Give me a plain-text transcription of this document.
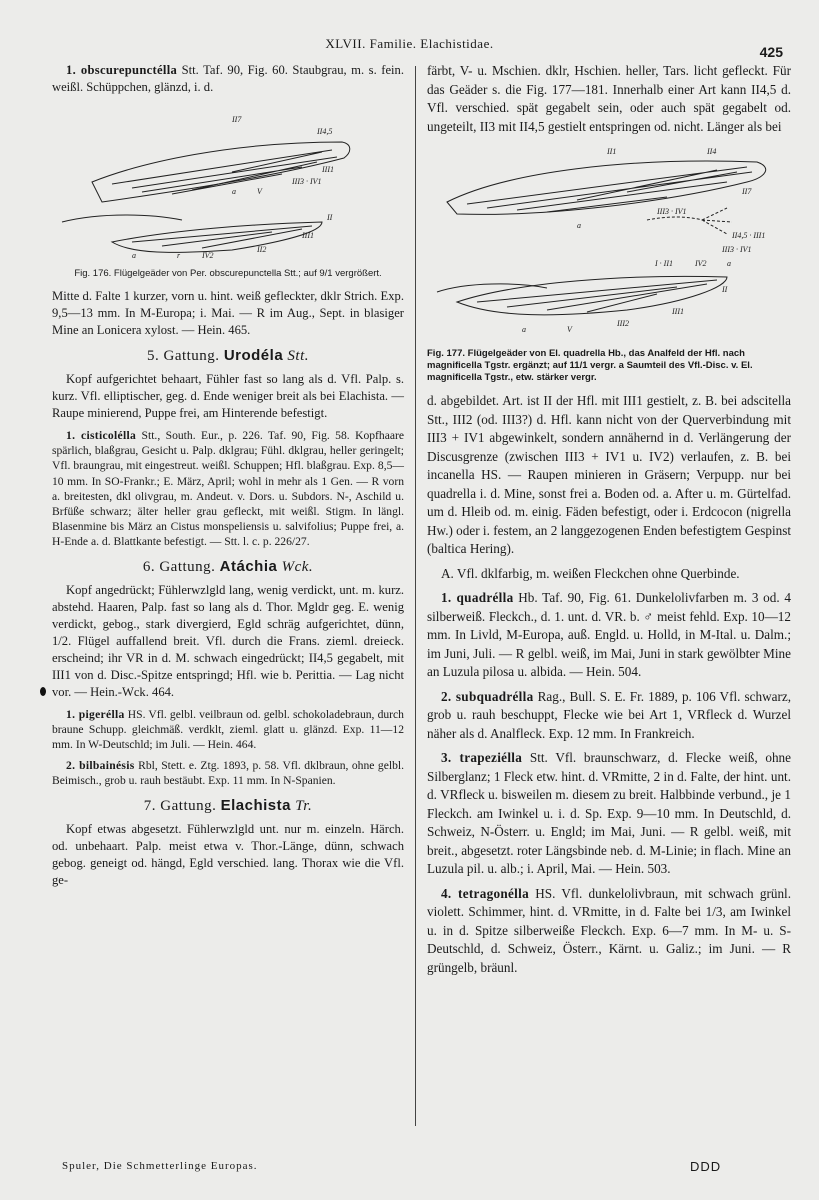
XLVII. Familie. Elachistidae.
425

1. obscurepunctélla Stt. Taf. 90, Fig. 60. Staubgrau, m. s. fein. weißl. Schüppchen, glänzd, i. d.

II7
II4,5
III1
III3 · IV1
a	V
II
III1
II2
IV2
r
a
Fig. 176. Flügelgeäder von Per. obscurepunctella Stt.; auf 9/1 vergrößert.

Mitte d. Falte 1 kurzer, vorn u. hint. weiß gefleckter, dklr Strich. Exp. 9,5—13 mm. In M-Europa; i. Mai. — R im Aug., Sept. in blasiger Mine an Lonicera xylost. — Hein. 465.

5. Gattung. Urodéla Stt.

Kopf aufgerichtet behaart, Fühler fast so lang als d. Vfl. Palp. s. kurz. Vfl. elliptischer, geg. d. Ende weniger breit als bei Elachista. — Raupe minierend, Puppe frei, am Hinterende befestigt.

1. cisticolélla Stt., South. Eur., p. 226. Taf. 90, Fig. 58. Kopfhaare spärlich, blaßgrau, Gesicht u. Palp. dklgrau; Fühl. dklgrau, heller geringelt; Vfl. braungrau, mit eingestreut. weißl. Schuppen; Hfl. blaßgrau. Exp. 8,5—10 mm. In SO-Frankr.; E. März, April; wohl in mehr als 1 Gen. — R vorn a. breitesten, dkl olivgrau, m. Andeut. v. Dors. u. Subdors. N-, Aschild u. Brfüße schwarz; älter heller grau gefleckt, mit weißl. Stigm. In längl. Blasenmine bis März an Cistus monspeliensis u. salvifolius; Puppe frei, a. H-Ende a. d. Blattkante befestigt. — Stt. l. c. p. 226/27.

6. Gattung. Atáchia Wck.

Kopf angedrückt; Fühlerwzlgld lang, wenig verdickt, unt. m. kurz. abstehd. Haaren, Palp. fast so lang als d. Thor. Mgldr geg. E. wenig verdickt, gebog., stark divergierd, Egld schräg aufgerichtet, dünn, 1/2. Flügel auffallend breit. Vfl. durch die Frans. zieml. dreieck. erscheind; ihr VR in d. M. schwach eingedrückt; II4,5 gegabelt, mit III1 von d. Disc.-Spitze entspringd; Hfl. wie b. Perittia. — Lag nicht vor. — Hein.-Wck. 464.

1. pigerélla HS. Vfl. gelbl. veilbraun od. gelbl. schokoladebraun, durch braune Schupp. gleichmäß. verdklt, zieml. glatt u. glänzd. Exp. 11—12 mm. In W-Deutschld; im Juli. — Hein. 464.

2. bilbainésis Rbl, Stett. e. Ztg. 1893, p. 58. Vfl. dklbraun, ohne gelbl. Beimisch., grob u. rauh bestäubt. Exp. 11 mm. In N-Spanien.

7. Gattung. Elachista Tr.

Kopf etwas abgesetzt. Fühlerwzlgld unt. nur m. einzeln. Härch. od. unbehaart. Palp. meist etwa v. Thor.-Länge, dünn, schwach gebog. geneigt od. hängd, Egld verschied. lang. Thorax wie die Vfl. ge-

färbt, V- u. Mschien. dklr, Hschien. heller, Tars. licht gefleckt. Für das Geäder s. die Fig. 177—181. Innerhalb einer Art kann II4,5 d. Vfl. verschied. spät gegabelt sein, oder auch spät gegabelt od. ungeteilt, II3 mit II4,5 gestielt entspringen od. nicht. Länger als bei

II1	II4
II7
III3 · IV1
a
II4,5 · III1
III3 · IV1
I · II1	IV2	a
II
III1
III2
V
a
Fig. 177. Flügelgeäder von El. quadrella Hb., das Analfeld der Hfl. nach magnificella Tgstr. ergänzt; auf 11/1 vergr. a Saumteil des Vfl.-Disc. v. El. magnificella Tgstr., etw. stärker vergr.

d. abgebildet. Art. ist II der Hfl. mit III1 gestielt, z. B. bei adscitella Stt., III2 (od. III3?) d. Hfl. kann nicht von der Querverbindung mit III3 + IV1 abgewinkelt, sondern annähernd in d. Verlängerung der Discusgrenze (zwischen III3 + IV1 u. IV2) verlaufen, z. B. bei incanella HS. — Raupen minieren in Gräsern; Verpupp. nur bei quadrella i. d. Mine, sonst frei a. Boden od. a. After u. m. Gürtelfad. um d. Hleib od. m. einig. Fäden befestigt, oder i. Erdcocon (nigrella Hw.) oder i. festem, an 2 langgezogenen Enden befestigtem Gespinst (baltica Hering).

A. Vfl. dklfarbig, m. weißen Fleckchen ohne Querbinde.

1. quadrélla Hb. Taf. 90, Fig. 61. Dunkelolivfarben m. 3 od. 4 silberweiß. Fleckch., d. 1. unt. d. VR. b. ♂ meist fehld. Exp. 10—12 mm. In Livld, M-Europa, auß. Engld. u. Holld, in M-Ital. u. Dalm.; im Juni, Juli. — R gelbl. weiß, im Mai, Juni in stark gewölbter Mine an Luzula pilosa u. albida. — Hein. 504.

2. subquadrélla Rag., Bull. S. E. Fr. 1889, p. 106 Vfl. schwarz, grob u. rauh beschuppt, Flecke wie bei Art 1, VRfleck d. Wurzel näher als d. Analfleck. Exp. 12 mm. In Frankreich.

3. trapeziélla Stt. Vfl. braunschwarz, d. Flecke weiß, ohne Silberglanz; 1 Fleck etw. hint. d. VRmitte, 2 in d. Falte, der hint. unt. d. VRfleck u. bisweilen m. diesem zu breit. Halbbinde verbund., je 1 Fleckch. am Iwinkel u. i. d. Sp. Exp. 9—10 mm. In Deutschld, d. Schweiz, N-Österr. u. Engld; im Mai, Juni. — R gelbl. weiß, mit breit., abgesetzt. roter Längsbinde neb. d. M-Linie; in flach. Mine an Luzula pil. u. alb.; i. April, Mai. — Hein. 503.

4. tetragonélla HS. Vfl. dunkelolivbraun, mit schwach grünl. violett. Schimmer, hint. d. VRmitte, in d. Falte bei 1/3, am Iwinkel u. in d. Spitze silberweiße Fleckch. Exp. 6—7 mm. In M- u. S-Deutschld, d. Schweiz, Österr., Kärnt. u. Galiz.; im Juni. — R grüngelb, bräunl.

Spuler, Die Schmetterlinge Europas.	DDD
